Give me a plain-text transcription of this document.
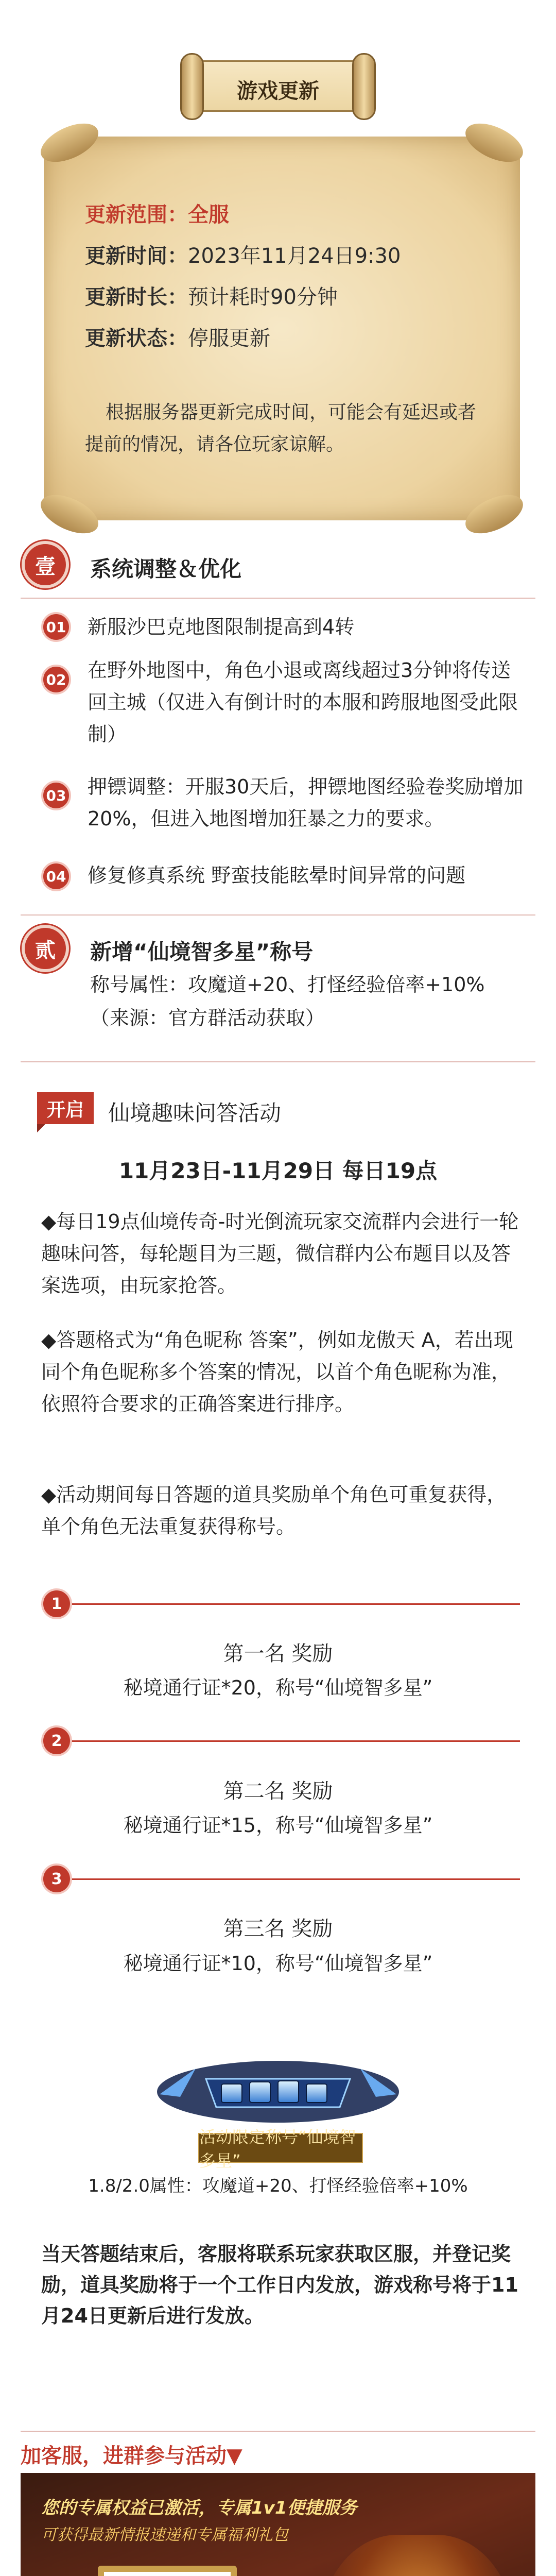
游戏更新
更新范围：全服
更新时间：2023年11月24日9:30
更新时长：预计耗时90分钟
更新状态：停服更新
根据服务器更新完成时间，可能会有延迟或者提前的情况，请各位玩家谅解。
壹	系统调整＆优化
01 新服沙巴克地图限制提高到4转
02 在野外地图中，角色小退或离线超过3分钟将传送回主城（仅进入有倒计时的本服和跨服地图受此限制）
03 押镖调整：开服30天后，押镖地图经验卷奖励增加20%，但进入地图增加狂暴之力的要求。
04 修复修真系统 野蛮技能眩晕时间异常的问题
贰	新增“仙境智多星”称号
称号属性：攻魔道+20、打怪经验倍率+10%
（来源：官方群活动获取）
开启	仙境趣味问答活动
11月23日-11月29日 每日19点
◆每日19点仙境传奇-时光倒流玩家交流群内会进行一轮趣味问答，每轮题目为三题，微信群内公布题目以及答案选项，由玩家抢答。
◆答题格式为“角色昵称 答案”，例如龙傲天 A，若出现同个角色昵称多个答案的情况，以首个角色昵称为准，依照符合要求的正确答案进行排序。
◆活动期间每日答题的道具奖励单个角色可重复获得，单个角色无法重复获得称号。
1
第一名 奖励
秘境通行证*20，称号“仙境智多星”
2
第二名 奖励
秘境通行证*15，称号“仙境智多星”
3
第三名 奖励
秘境通行证*10，称号“仙境智多星”
活动限定称号“仙境智多星”
1.8/2.0属性：攻魔道+20、打怪经验倍率+10%
当天答题结束后，客服将联系玩家获取区服，并登记奖励，道具奖励将于一个工作日内发放，游戏称号将于11月24日更新后进行发放。
加客服，进群参与活动▼
您的专属权益已激活，专属1v1便捷服务
可获得最新情报速递和专属福利礼包
